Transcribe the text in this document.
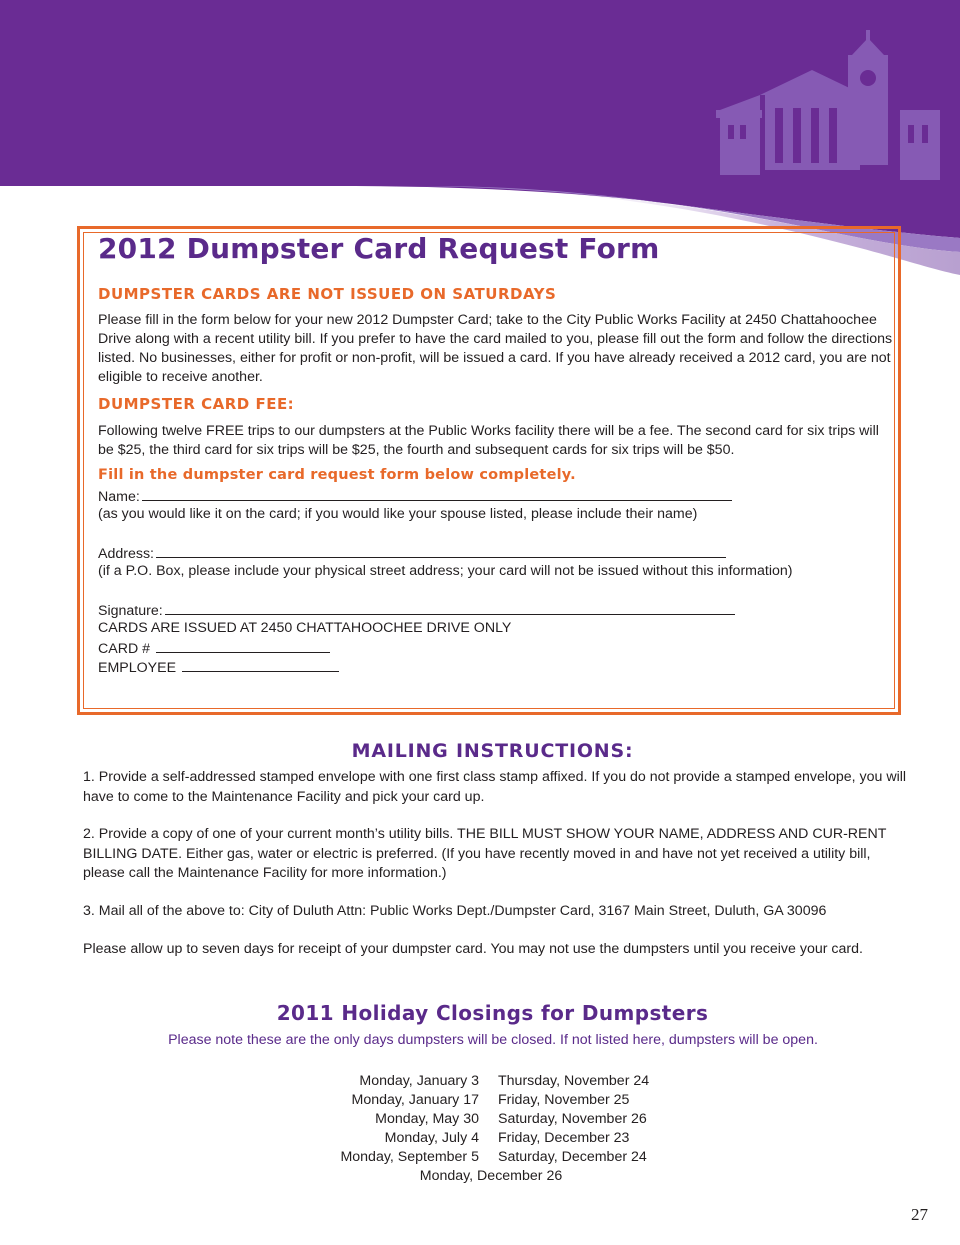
2012 Dumpster Card Request Form
DUMPSTER CARDS ARE NOT ISSUED ON SATURDAYS

Please fill in the form below for your new 2012 Dumpster Card; take to the City Public Works Facility at 2450 Chattahoochee Drive along with a recent utility bill. If you prefer to have the card mailed to you, please fill out the form and follow the directions listed. No businesses, either for profit or non-profit, will be issued a card. If you have already received a 2012 card, you are not eligible to receive another.

DUMPSTER CARD FEE:

Following twelve FREE trips to our dumpsters at the Public Works facility there will be a fee. The second card for six trips will be $25, the third card for six trips will be $25, the fourth and subsequent cards for six trips will be $50.

Fill in the dumpster card request form below completely.
Name:
(as you would like it on the card; if you would like your spouse listed, please include their name)
Address:
(if a P.O. Box, please include your physical street address; your card will not be issued without this information)
Signature:
CARDS ARE ISSUED AT 2450 CHATTAHOOCHEE DRIVE ONLY
CARD #
EMPLOYEE
MAILING INSTRUCTIONS:

1. Provide a self-addressed stamped envelope with one first class stamp affixed. If you do not provide a stamped envelope, you will have to come to the Maintenance Facility and pick your card up.

2. Provide a copy of one of your current month’s utility bills. THE BILL MUST SHOW YOUR NAME, ADDRESS AND CUR-RENT BILLING DATE. Either gas, water or electric is preferred. (If you have recently moved in and have not yet received a utility bill, please call the Maintenance Facility for more information.)

3. Mail all of the above to: City of Duluth Attn: Public Works Dept./Dumpster Card, 3167 Main Street, Duluth, GA 30096

Please allow up to seven days for receipt of your dumpster card. You may not use the dumpsters until you receive your card.

2011 Holiday Closings for Dumpsters
Please note these are the only days dumpsters will be closed. If not listed here, dumpsters will be open.
Monday, January 3
Monday, January 17
Monday, May 30
Monday, July 4
Monday, September 5
Thursday, November 24
Friday, November 25
Saturday, November 26
Friday, December 23
Saturday, December 24
Monday, December 26
27
